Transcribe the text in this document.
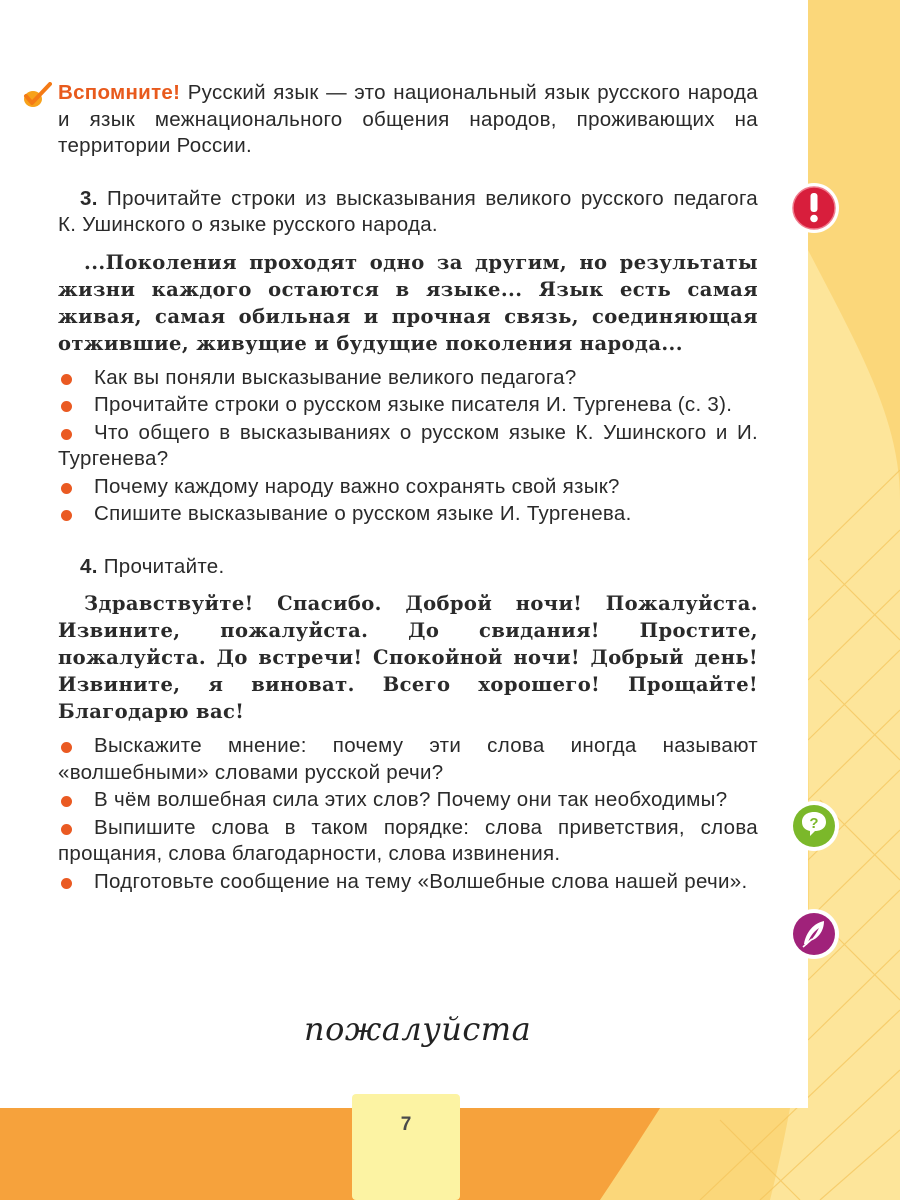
?
Вспомните! Русский язык — это национальный язык русского народа и язык межнационального общения народов, проживающих на территории России.
3. Прочитайте строки из высказывания великого русского педагога К. Ушинского о языке русского народа.
...Поколения проходят одно за другим, но результаты жизни каждого остаются в языке... Язык есть самая живая, самая обильная и прочная связь, соединяющая отжившие, живущие и будущие поколения народа...
Как вы поняли высказывание великого педагога?
Прочитайте строки о русском языке писателя И. Тургенева (с. 3).
Что общего в высказываниях о русском языке К. Ушинского и И. Тургенева?
Почему каждому народу важно сохранять свой язык?
Спишите высказывание о русском языке И. Тургенева.
4. Прочитайте.
Здравствуйте! Спасибо. Доброй ночи! Пожалуйста. Извините, пожалуйста. До свидания! Простите, пожалуйста. До встречи! Спокойной ночи! Добрый день! Извините, я виноват. Всего хорошего! Прощайте! Благодарю вас!
Выскажите мнение: почему эти слова иногда называют «волшебными» словами русской речи?
В чём волшебная сила этих слов? Почему они так необходимы?
Выпишите слова в таком порядке: слова приветствия, слова прощания, слова благодарности, слова извинения.
Подготовьте сообщение на тему «Волшебные слова нашей речи».
пожалуйста
7
